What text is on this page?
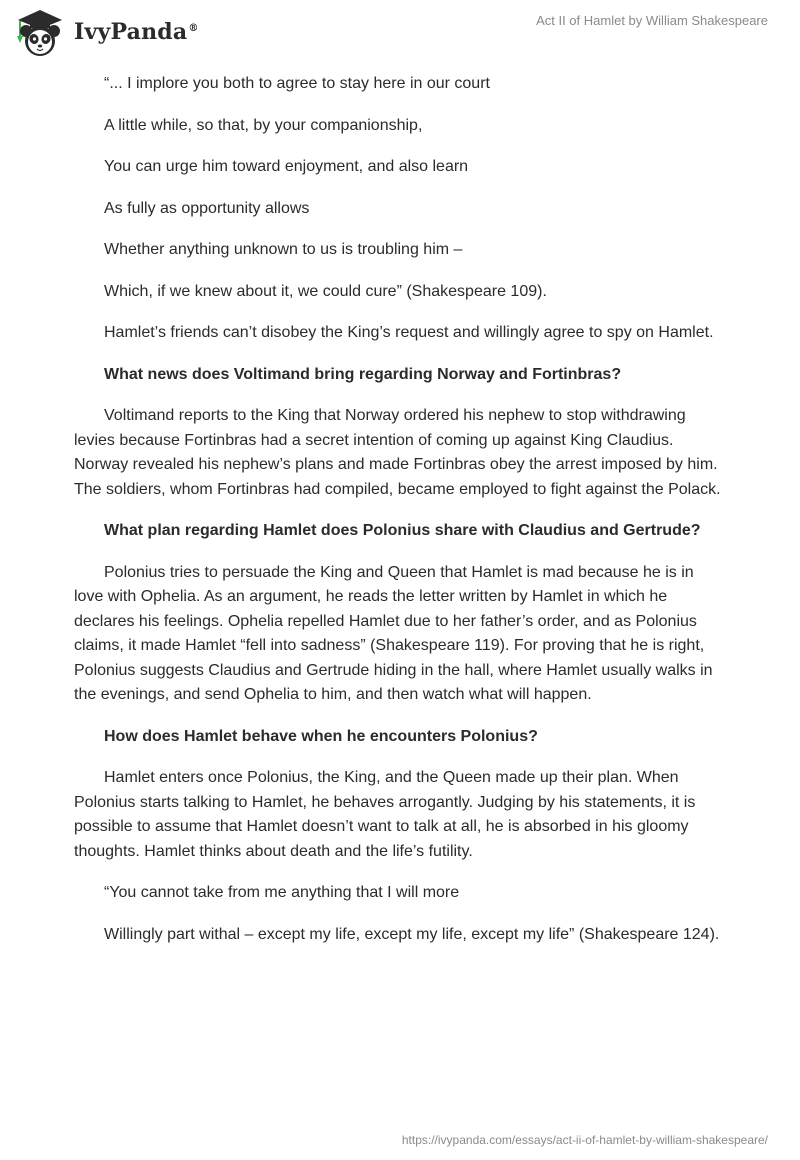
IvyPanda®
Act II of Hamlet by William Shakespeare

“... I implore you both to agree to stay here in our court

A little while, so that, by your companionship,

You can urge him toward enjoyment, and also learn

As fully as opportunity allows

Whether anything unknown to us is troubling him –

Which, if we knew about it, we could cure” (Shakespeare 109).

Hamlet’s friends can’t disobey the King’s request and willingly agree to spy on Hamlet.

What news does Voltimand bring regarding Norway and Fortinbras?

Voltimand reports to the King that Norway ordered his nephew to stop withdrawing levies because Fortinbras had a secret intention of coming up against King Claudius. Norway revealed his nephew’s plans and made Fortinbras obey the arrest imposed by him. The soldiers, whom Fortinbras had compiled, became employed to fight against the Polack.

What plan regarding Hamlet does Polonius share with Claudius and Gertrude?

Polonius tries to persuade the King and Queen that Hamlet is mad because he is in love with Ophelia. As an argument, he reads the letter written by Hamlet in which he declares his feelings. Ophelia repelled Hamlet due to her father’s order, and as Polonius claims, it made Hamlet “fell into sadness” (Shakespeare 119). For proving that he is right, Polonius suggests Claudius and Gertrude hiding in the hall, where Hamlet usually walks in the evenings, and send Ophelia to him, and then watch what will happen.

How does Hamlet behave when he encounters Polonius?

Hamlet enters once Polonius, the King, and the Queen made up their plan. When Polonius starts talking to Hamlet, he behaves arrogantly. Judging by his statements, it is possible to assume that Hamlet doesn’t want to talk at all, he is absorbed in his gloomy thoughts. Hamlet thinks about death and the life’s futility.

“You cannot take from me anything that I will more

Willingly part withal – except my life, except my life, except my life” (Shakespeare 124).

https://ivypanda.com/essays/act-ii-of-hamlet-by-william-shakespeare/
